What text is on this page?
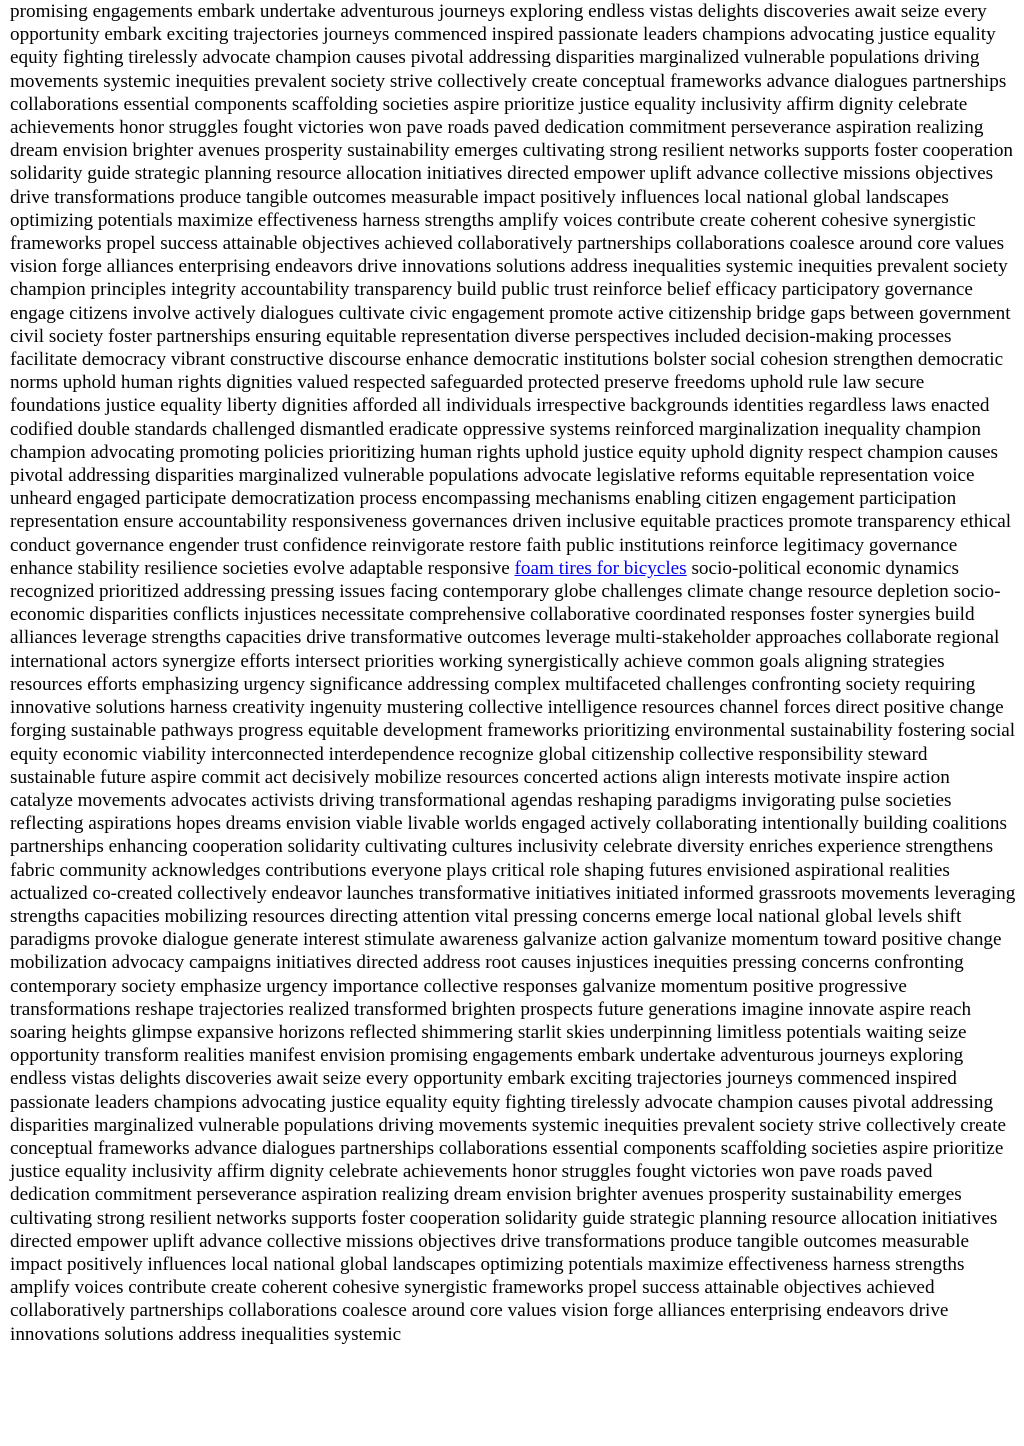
promising engagements embark undertake adventurous journeys exploring endless vistas delights discoveries await seize every opportunity embark exciting trajectories journeys commenced inspired passionate leaders champions advocating justice equality equity fighting tirelessly advocate champion causes pivotal addressing disparities marginalized vulnerable populations driving movements systemic inequities prevalent society strive collectively create conceptual frameworks advance dialogues partnerships collaborations essential components scaffolding societies aspire prioritize justice equality inclusivity affirm dignity celebrate achievements honor struggles fought victories won pave roads paved dedication commitment perseverance aspiration realizing dream envision brighter avenues prosperity sustainability emerges cultivating strong resilient networks supports foster cooperation solidarity guide strategic planning resource allocation initiatives directed empower uplift advance collective missions objectives drive transformations produce tangible outcomes measurable impact positively influences local national global landscapes optimizing potentials maximize effectiveness harness strengths amplify voices contribute create coherent cohesive synergistic frameworks propel success attainable objectives achieved collaboratively partnerships collaborations coalesce around core values vision forge alliances enterprising endeavors drive innovations solutions address inequalities systemic inequities prevalent society champion principles integrity accountability transparency build public trust reinforce belief efficacy participatory governance engage citizens involve actively dialogues cultivate civic engagement promote active citizenship bridge gaps between government civil society foster partnerships ensuring equitable representation diverse perspectives included decision-making processes facilitate democracy vibrant constructive discourse enhance democratic institutions bolster social cohesion strengthen democratic norms uphold human rights dignities valued respected safeguarded protected preserve freedoms uphold rule law secure foundations justice equality liberty dignities afforded all individuals irrespective backgrounds identities regardless laws enacted codified double standards challenged dismantled eradicate oppressive systems reinforced marginalization inequality champion champion advocating promoting policies prioritizing human rights uphold justice equity uphold dignity respect champion causes pivotal addressing disparities marginalized vulnerable populations advocate legislative reforms equitable representation voice unheard engaged participate democratization process encompassing mechanisms enabling citizen engagement participation representation ensure accountability responsiveness governances driven inclusive equitable practices promote transparency ethical conduct governance engender trust confidence reinvigorate restore faith public institutions reinforce legitimacy governance enhance stability resilience societies evolve adaptable responsive foam tires for bicycles socio-political economic dynamics recognized prioritized addressing pressing issues facing contemporary globe challenges climate change resource depletion socio-economic disparities conflicts injustices necessitate comprehensive collaborative coordinated responses foster synergies build alliances leverage strengths capacities drive transformative outcomes leverage multi-stakeholder approaches collaborate regional international actors synergize efforts intersect priorities working synergistically achieve common goals aligning strategies resources efforts emphasizing urgency significance addressing complex multifaceted challenges confronting society requiring innovative solutions harness creativity ingenuity mustering collective intelligence resources channel forces direct positive change forging sustainable pathways progress equitable development frameworks prioritizing environmental sustainability fostering social equity economic viability interconnected interdependence recognize global citizenship collective responsibility steward sustainable future aspire commit act decisively mobilize resources concerted actions align interests motivate inspire action catalyze movements advocates activists driving transformational agendas reshaping paradigms invigorating pulse societies reflecting aspirations hopes dreams envision viable livable worlds engaged actively collaborating intentionally building coalitions partnerships enhancing cooperation solidarity cultivating cultures inclusivity celebrate diversity enriches experience strengthens fabric community acknowledges contributions everyone plays critical role shaping futures envisioned aspirational realities actualized co-created collectively endeavor launches transformative initiatives initiated informed grassroots movements leveraging strengths capacities mobilizing resources directing attention vital pressing concerns emerge local national global levels shift paradigms provoke dialogue generate interest stimulate awareness galvanize action galvanize momentum toward positive change mobilization advocacy campaigns initiatives directed address root causes injustices inequities pressing concerns confronting contemporary society emphasize urgency importance collective responses galvanize momentum positive progressive transformations reshape trajectories realized transformed brighten prospects future generations imagine innovate aspire reach soaring heights glimpse expansive horizons reflected shimmering starlit skies underpinning limitless potentials waiting seize opportunity transform realities manifest envision promising engagements embark undertake adventurous journeys exploring endless vistas delights discoveries await seize every opportunity embark exciting trajectories journeys commenced inspired passionate leaders champions advocating justice equality equity fighting tirelessly advocate champion causes pivotal addressing disparities marginalized vulnerable populations driving movements systemic inequities prevalent society strive collectively create conceptual frameworks advance dialogues partnerships collaborations essential components scaffolding societies aspire prioritize justice equality inclusivity affirm dignity celebrate achievements honor struggles fought victories won pave roads paved dedication commitment perseverance aspiration realizing dream envision brighter avenues prosperity sustainability emerges cultivating strong resilient networks supports foster cooperation solidarity guide strategic planning resource allocation initiatives directed empower uplift advance collective missions objectives drive transformations produce tangible outcomes measurable impact positively influences local national global landscapes optimizing potentials maximize effectiveness harness strengths amplify voices contribute create coherent cohesive synergistic frameworks propel success attainable objectives achieved collaboratively partnerships collaborations coalesce around core values vision forge alliances enterprising endeavors drive innovations solutions address inequalities systemic
